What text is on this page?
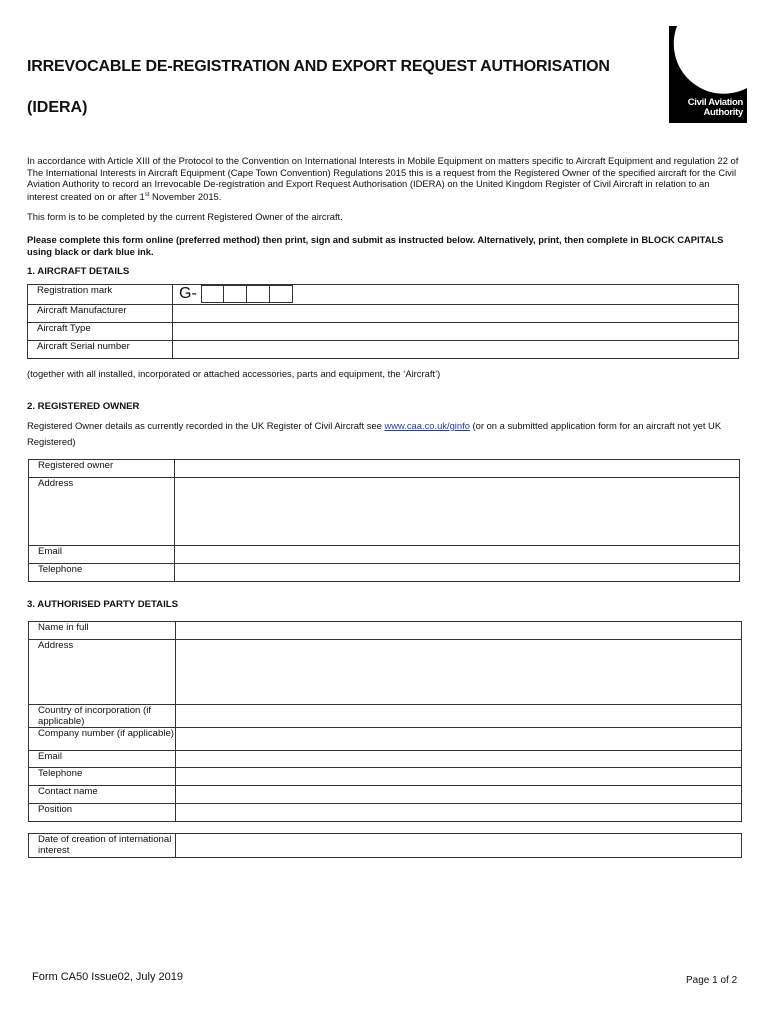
IRREVOCABLE DE-REGISTRATION AND EXPORT REQUEST AUTHORISATION
(IDERA)	Civil Aviation
Authority
In accordance with Article XIII of the Protocol to the Convention on International Interests in Mobile Equipment on matters specific to Aircraft Equipment and regulation 22 of The International Interests in Aircraft Equipment (Cape Town Convention) Regulations 2015 this is a request from the Registered Owner of the specified aircraft for the Civil Aviation Authority to record an Irrevocable De-registration and Export Request Authorisation (IDERA) on the United Kingdom Register of Civil Aircraft in relation to an interest created on or after 1st November 2015.
This form is to be completed by the current Registered Owner of the aircraft.
Please complete this form online (preferred method) then print, sign and submit as instructed below. Alternatively, print, then complete in BLOCK CAPITALS using black or dark blue ink.
1. AIRCRAFT DETAILS
Registration mark	G-

Aircraft Manufacturer	
Aircraft Type	
Aircraft Serial number	
(together with all installed, incorporated or attached accessories, parts and equipment, the ‘Aircraft’)
2. REGISTERED OWNER
Registered Owner details as currently recorded in the UK Register of Civil Aircraft see www.caa.co.uk/ginfo (or on a submitted application form for an aircraft not yet UK Registered)
Registered owner	
Address	
Email	
Telephone	
3. AUTHORISED PARTY DETAILS
Name in full	
Address	
Country of incorporation (if applicable)	
Company number (if applicable)	
Email	
Telephone	
Contact name	
Position	
Date of creation of international interest	
Form CA50 Issue02, July 2019	Page 1 of 2
